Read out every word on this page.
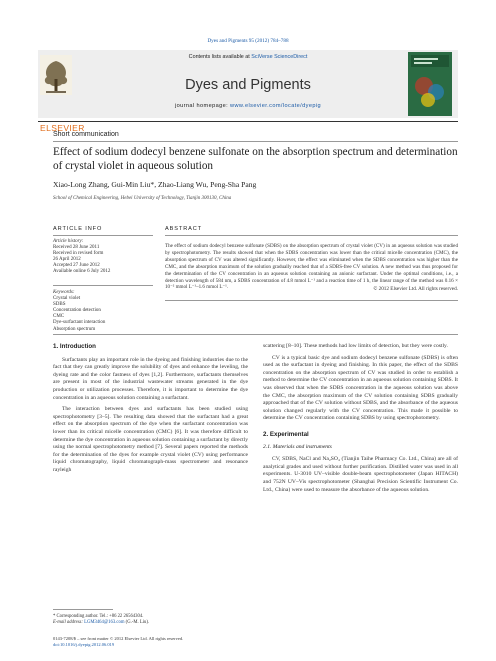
Dyes and Pigments 95 (2012) 784–788
ELSEVIER
Contents lists available at SciVerse ScienceDirect
Dyes and Pigments
journal homepage: www.elsevier.com/locate/dyepig
Short communication
Effect of sodium dodecyl benzene sulfonate on the absorption spectrum and determination of crystal violet in aqueous solution
Xiao-Long Zhang, Gui-Min Liu*, Zhao-Liang Wu, Peng-Sha Pang
School of Chemical Engineering, Hebei University of Technology, Tianjin 300130, China
ARTICLE INFO
Article history:
Received 28 June 2011
Received in revised form
26 April 2012
Accepted 27 June 2012
Available online 6 July 2012
Keywords:
Crystal violet
SDBS
Concentration detection
CMC
Dye-surfactant interaction
Absorption spectrum
ABSTRACT
The effect of sodium dodecyl benzene sulfonate (SDBS) on the absorption spectrum of crystal violet (CV) in an aqueous solution was studied by spectrophotometry. The results showed that when the SDBS concentration was lower than the critical micelle concentration (CMC), the absorption spectrum of CV was altered significantly. However, the effect was eliminated when the SDBS concentration was higher than the CMC, and the absorption maximum of the solution gradually reached that of a SDBS-free CV solution. A new method was thus proposed for the determination of the CV concentration in an aqueous solution containing an anionic surfactant. Under the optimal conditions, i.e., a detection wavelength of 584 nm, a SDBS concentration of 4.8 mmol L⁻¹ and a reaction time of 1 h, the linear range of the method was 0.16 × 10⁻² mmol L⁻¹–1.6 mmol L⁻¹.	© 2012 Elsevier Ltd. All rights reserved.
1. Introduction

Surfactants play an important role in the dyeing and finishing industries due to the fact that they can greatly improve the solubility of dyes and enhance the leveling, the dyeing rate and the color fastness of dyes [1,2]. Furthermore, surfactants themselves are present in most of the industrial wastewater streams generated in the dye production or utilization processes. Therefore, it is important to determine the dye concentration in an aqueous solution containing a surfactant.

The interaction between dyes and surfactants has been studied using spectrophotometry [3–5]. The resulting data showed that the surfactant had a great effect on the absorption spectrum of the dye when the surfactant concentration was lower than its critical micelle concentration (CMC) [6]. It was therefore difficult to determine the dye concentration in aqueous solution containing a surfactant by directly using the normal spectrophotometry method [7]. Several papers reported the methods for the determination of the dyes for example crystal violet (CV) using performance liquid chromatography, liquid chromatograph-mass spectrometer and resonance rayleigh

scattering [8–10]. These methods had low limits of detection, but they were costly.

CV is a typical basic dye and sodium dodecyl benzene sulfonate (SDBS) is often used as the surfactant in dyeing and finishing. In this paper, the effect of the SDBS concentration on the absorption spectrum of CV was studied in order to establish a method to determine the CV concentration in an aqueous solution containing SDBS. It was observed that when the SDBS concentration in the aqueous solution was above the CMC, the absorption maximum of the CV solution containing SDBS gradually approached that of the CV solution without SDBS, and the absorbance of the aqueous solution changed regularly with the CV concentration. This made it possible to determine the CV concentration containing SDBS by using spectrophotometry.

2. Experimental
2.1. Materials and instruments

CV, SDBS, NaCl and Na₂SO₄ (Tianjin Taihe Pharmacy Co. Ltd., China) are all of analytical grades and used without further purification. Distilled water was used in all experiments. U-3010 UV–visible double-beam spectrophotometer (Japan HITACH) and 752N UV–Vis spectrophotometer (Shanghai Precision Scientific Instrument Co. Ltd., China) were used to measure the absorbance of the aqueous solution.

* Corresponding author. Tel.: +86 22 26564304.
E-mail address: LGM3464@163.com (G.-M. Liu).
0143-7208/$ – see front matter © 2012 Elsevier Ltd. All rights reserved.
doi:10.1016/j.dyepig.2012.06.019
